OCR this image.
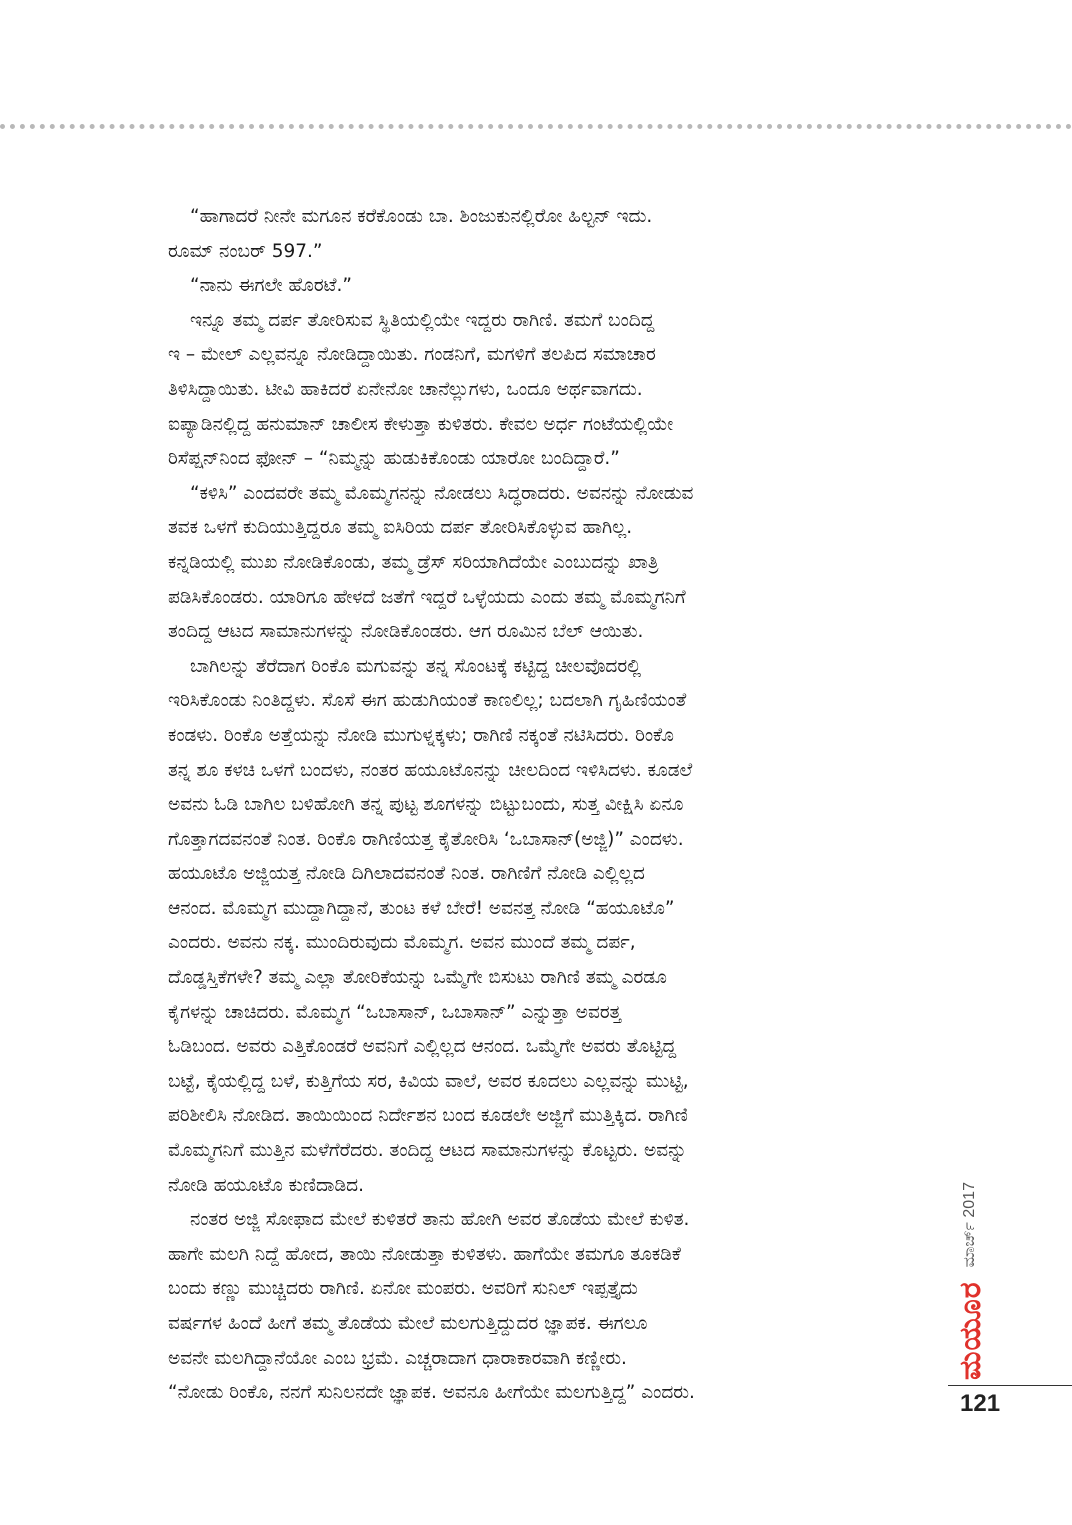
“ಹಾಗಾದರೆ ನೀನೇ ಮಗೂನ ಕರೆಕೊಂಡು ಬಾ. ಶಿಂಜುಕುನಲ್ಲಿರೋ ಹಿಲ್ಟನ್ ಇದು.
ರೂಮ್ ನಂಬರ್ 597.”
“ನಾನು ಈಗಲೇ ಹೊರಟೆ.”
ಇನ್ನೂ ತಮ್ಮ ದರ್ಪ ತೋರಿಸುವ ಸ್ಥಿತಿಯಲ್ಲಿಯೇ ಇದ್ದರು ರಾಗಿಣಿ. ತಮಗೆ ಬಂದಿದ್ದ
ಇ – ಮೇಲ್ ಎಲ್ಲವನ್ನೂ ನೋಡಿದ್ದಾಯಿತು. ಗಂಡನಿಗೆ, ಮಗಳಿಗೆ ತಲಪಿದ ಸಮಾಚಾರ
ತಿಳಿಸಿದ್ದಾಯಿತು. ಟೀವಿ ಹಾಕಿದರೆ ಏನೇನೋ ಚಾನೆಲ್ಲುಗಳು, ಒಂದೂ ಅರ್ಥವಾಗದು.
ಐಪ್ಯಾಡಿನಲ್ಲಿದ್ದ ಹನುಮಾನ್ ಚಾಲೀಸ ಕೇಳುತ್ತಾ ಕುಳಿತರು. ಕೇವಲ ಅರ್ಧ ಗಂಟೆಯಲ್ಲಿಯೇ
ರಿಸೆಪ್ಷನ್‌ನಿಂದ ಫೋನ್ – “ನಿಮ್ಮನ್ನು ಹುಡುಕಿಕೊಂಡು ಯಾರೋ ಬಂದಿದ್ದಾರೆ.”
“ಕಳಿಸಿ” ಎಂದವರೇ ತಮ್ಮ ಮೊಮ್ಮಗನನ್ನು ನೋಡಲು ಸಿದ್ಧರಾದರು. ಅವನನ್ನು ನೋಡುವ
ತವಕ ಒಳಗೆ ಕುದಿಯುತ್ತಿದ್ದರೂ ತಮ್ಮ ಐಸಿರಿಯ ದರ್ಪ ತೋರಿಸಿಕೊಳ್ಳುವ ಹಾಗಿಲ್ಲ.
ಕನ್ನಡಿಯಲ್ಲಿ ಮುಖ ನೋಡಿಕೊಂಡು, ತಮ್ಮ ಡ್ರೆಸ್ ಸರಿಯಾಗಿದೆಯೇ ಎಂಬುದನ್ನು ಖಾತ್ರಿ
ಪಡಿಸಿಕೊಂಡರು. ಯಾರಿಗೂ ಹೇಳದೆ ಜತೆಗೆ ಇದ್ದರೆ ಒಳ್ಳೆಯದು ಎಂದು ತಮ್ಮ ಮೊಮ್ಮಗನಿಗೆ
ತಂದಿದ್ದ ಆಟದ ಸಾಮಾನುಗಳನ್ನು ನೋಡಿಕೊಂಡರು. ಆಗ ರೂಮಿನ ಬೆಲ್ ಆಯಿತು.
ಬಾಗಿಲನ್ನು ತೆರೆದಾಗ ರಿಂಕೊ ಮಗುವನ್ನು ತನ್ನ ಸೊಂಟಕ್ಕೆ ಕಟ್ಟಿದ್ದ ಚೀಲವೊದರಲ್ಲಿ
ಇರಿಸಿಕೊಂಡು ನಿಂತಿದ್ದಳು. ಸೊಸೆ ಈಗ ಹುಡುಗಿಯಂತೆ ಕಾಣಲಿಲ್ಲ; ಬದಲಾಗಿ ಗೃಹಿಣಿಯಂತೆ
ಕಂಡಳು. ರಿಂಕೊ ಅತ್ತೆಯನ್ನು ನೋಡಿ ಮುಗುಳ್ನಕ್ಕಳು; ರಾಗಿಣಿ ನಕ್ಕಂತೆ ನಟಿಸಿದರು. ರಿಂಕೊ
ತನ್ನ ಶೂ ಕಳಚಿ ಒಳಗೆ ಬಂದಳು, ನಂತರ ಹಯೂಟೊನನ್ನು ಚೀಲದಿಂದ ಇಳಿಸಿದಳು. ಕೂಡಲೆ
ಅವನು ಓಡಿ ಬಾಗಿಲ ಬಳಿಹೋಗಿ ತನ್ನ ಪುಟ್ಟ ಶೂಗಳನ್ನು ಬಿಟ್ಟುಬಂದು, ಸುತ್ತ ವೀಕ್ಷಿಸಿ ಏನೂ
ಗೊತ್ತಾಗದವನಂತೆ ನಿಂತ. ರಿಂಕೊ ರಾಗಿಣಿಯತ್ತ ಕೈತೋರಿಸಿ ‘ಒಬಾಸಾನ್(ಅಜ್ಜಿ)” ಎಂದಳು.
ಹಯೂಟೊ ಅಜ್ಜಿಯತ್ತ ನೋಡಿ ದಿಗಿಲಾದವನಂತೆ ನಿಂತ. ರಾಗಿಣಿಗೆ ನೋಡಿ ಎಲ್ಲಿಲ್ಲದ
ಆನಂದ. ಮೊಮ್ಮಗ ಮುದ್ದಾಗಿದ್ದಾನೆ, ತುಂಟ ಕಳೆ ಬೇರೆ! ಅವನತ್ತ ನೋಡಿ “ಹಯೂಟೊ”
ಎಂದರು. ಅವನು ನಕ್ಕ. ಮುಂದಿರುವುದು ಮೊಮ್ಮಗ. ಅವನ ಮುಂದೆ ತಮ್ಮ ದರ್ಪ,
ದೊಡ್ಡಸ್ತಿಕೆಗಳೇ? ತಮ್ಮ ಎಲ್ಲಾ ತೋರಿಕೆಯನ್ನು ಒಮ್ಮೆಗೇ ಬಿಸುಟು ರಾಗಿಣಿ ತಮ್ಮ ಎರಡೂ
ಕೈಗಳನ್ನು ಚಾಚಿದರು. ಮೊಮ್ಮಗ “ಒಬಾಸಾನ್, ಒಬಾಸಾನ್” ಎನ್ನುತ್ತಾ ಅವರತ್ತ
ಓಡಿಬಂದ. ಅವರು ಎತ್ತಿಕೊಂಡರೆ ಅವನಿಗೆ ಎಲ್ಲಿಲ್ಲದ ಆನಂದ. ಒಮ್ಮೆಗೇ ಅವರು ತೊಟ್ಟಿದ್ದ
ಬಟ್ಟೆ, ಕೈಯಲ್ಲಿದ್ದ ಬಳೆ, ಕುತ್ತಿಗೆಯ ಸರ, ಕಿವಿಯ ವಾಲೆ, ಅವರ ಕೂದಲು ಎಲ್ಲವನ್ನು ಮುಟ್ಟಿ,
ಪರಿಶೀಲಿಸಿ ನೋಡಿದ. ತಾಯಿಯಿಂದ ನಿರ್ದೇಶನ ಬಂದ ಕೂಡಲೇ ಅಜ್ಜಿಗೆ ಮುತ್ತಿಕ್ಕಿದ. ರಾಗಿಣಿ
ಮೊಮ್ಮಗನಿಗೆ ಮುತ್ತಿನ ಮಳೆಗೆರೆದರು. ತಂದಿದ್ದ ಆಟದ ಸಾಮಾನುಗಳನ್ನು ಕೊಟ್ಟರು. ಅವನ್ನು
ನೋಡಿ ಹಯೂಟೊ ಕುಣಿದಾಡಿದ.
ನಂತರ ಅಜ್ಜಿ ಸೋಫಾದ ಮೇಲೆ ಕುಳಿತರೆ ತಾನು ಹೋಗಿ ಅವರ ತೊಡೆಯ ಮೇಲೆ ಕುಳಿತ.
ಹಾಗೇ ಮಲಗಿ ನಿದ್ದೆ ಹೋದ, ತಾಯಿ ನೋಡುತ್ತಾ ಕುಳಿತಳು. ಹಾಗೆಯೇ ತಮಗೂ ತೂಕಡಿಕೆ
ಬಂದು ಕಣ್ಣು ಮುಚ್ಚಿದರು ರಾಗಿಣಿ. ಏನೋ ಮಂಪರು. ಅವರಿಗೆ ಸುನಿಲ್ ಇಪ್ಪತ್ತೈದು
ವರ್ಷಗಳ ಹಿಂದೆ ಹೀಗೆ ತಮ್ಮ ತೊಡೆಯ ಮೇಲೆ ಮಲಗುತ್ತಿದ್ದುದರ ಜ್ಞಾಪಕ. ಈಗಲೂ
ಅವನೇ ಮಲಗಿದ್ದಾನೆಯೋ ಎಂಬ ಭ್ರಮೆ. ಎಚ್ಚರಾದಾಗ ಧಾರಾಕಾರವಾಗಿ ಕಣ್ಣೀರು.
“ನೋಡು ರಿಂಕೊ, ನನಗೆ ಸುನಿಲನದೇ ಜ್ಞಾಪಕ. ಅವನೂ ಹೀಗೆಯೇ ಮಲಗುತ್ತಿದ್ದ” ಎಂದರು.
ಮಯೂರ
ಮಾರ್ಚ್ 2017
121
